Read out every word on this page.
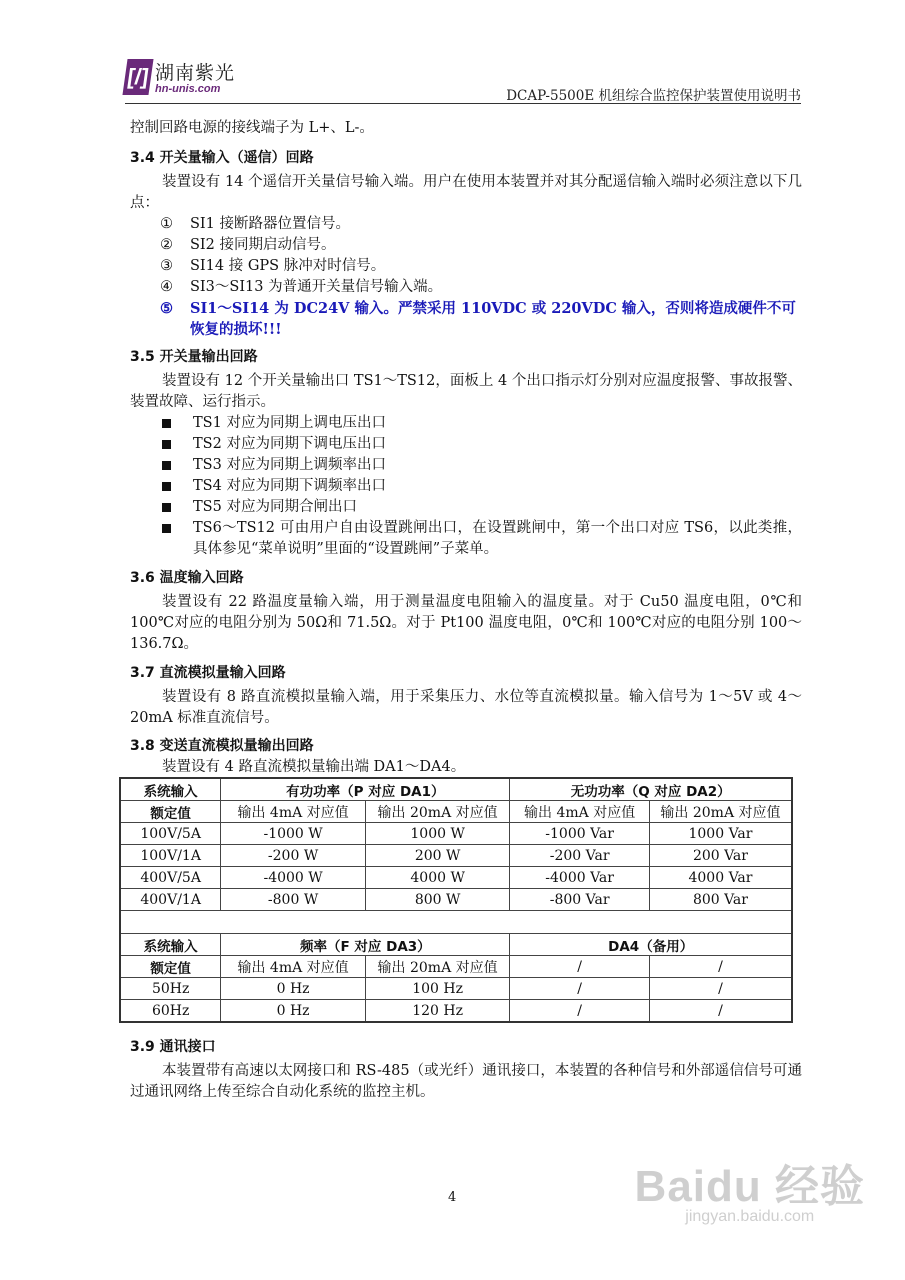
[/] 湖南紫光
hn-unis.com	DCAP-5500E 机组综合监控保护装置使用说明书
控制回路电源的接线端子为 L+、L-。
3.4 开关量输入（遥信）回路
装置设有 14 个遥信开关量信号输入端。用户在使用本装置并对其分配遥信输入端时必须注意以下几点：
① SI1 接断路器位置信号。
② SI2 接同期启动信号。
③ SI14 接 GPS 脉冲对时信号。
④ SI3～SI13 为普通开关量信号输入端。
⑤ SI1～SI14 为 DC24V 输入。严禁采用 110VDC 或 220VDC 输入，否则将造成硬件不可恢复的损坏!!!
3.5 开关量输出回路
装置设有 12 个开关量输出口 TS1～TS12，面板上 4 个出口指示灯分别对应温度报警、事故报警、装置故障、运行指示。
TS1 对应为同期上调电压出口
TS2 对应为同期下调电压出口
TS3 对应为同期上调频率出口
TS4 对应为同期下调频率出口
TS5 对应为同期合闸出口
TS6～TS12 可由用户自由设置跳闸出口，在设置跳闸中，第一个出口对应 TS6，以此类推，具体参见“菜单说明”里面的“设置跳闸”子菜单。
3.6 温度输入回路
装置设有 22 路温度量输入端，用于测量温度电阻输入的温度量。对于 Cu50 温度电阻，0℃和 100℃对应的电阻分别为 50Ω和 71.5Ω。对于 Pt100 温度电阻，0℃和 100℃对应的电阻分别 100～136.7Ω。
3.7 直流模拟量输入回路
装置设有 8 路直流模拟量输入端，用于采集压力、水位等直流模拟量。输入信号为 1～5V 或 4～20mA 标准直流信号。
3.8 变送直流模拟量输出回路
装置设有 4 路直流模拟量输出端 DA1～DA4。
系统输入	有功功率（P 对应 DA1）		无功功率（Q 对应 DA2）	
额定值	输出 4mA 对应值	输出 20mA 对应值	输出 4mA 对应值	输出 20mA 对应值
100V/5A	-1000 W	1000 W	-1000 Var	1000 Var
100V/1A	-200 W	200 W	-200 Var	200 Var
400V/5A	-4000 W	4000 W	-4000 Var	4000 Var
400V/1A	-800 W	800 W	-800 Var	800 Var

系统输入	频率（F 对应 DA3）		DA4（备用）	
额定值	输出 4mA 对应值	输出 20mA 对应值	/	/
50Hz	0 Hz	100 Hz	/	/
60Hz	0 Hz	120 Hz	/	/
3.9 通讯接口
本装置带有高速以太网接口和 RS-485（或光纤）通讯接口，本装置的各种信号和外部遥信信号可通过通讯网络上传至综合自动化系统的监控主机。
4	Baidu 经验
jingyan.baidu.com
